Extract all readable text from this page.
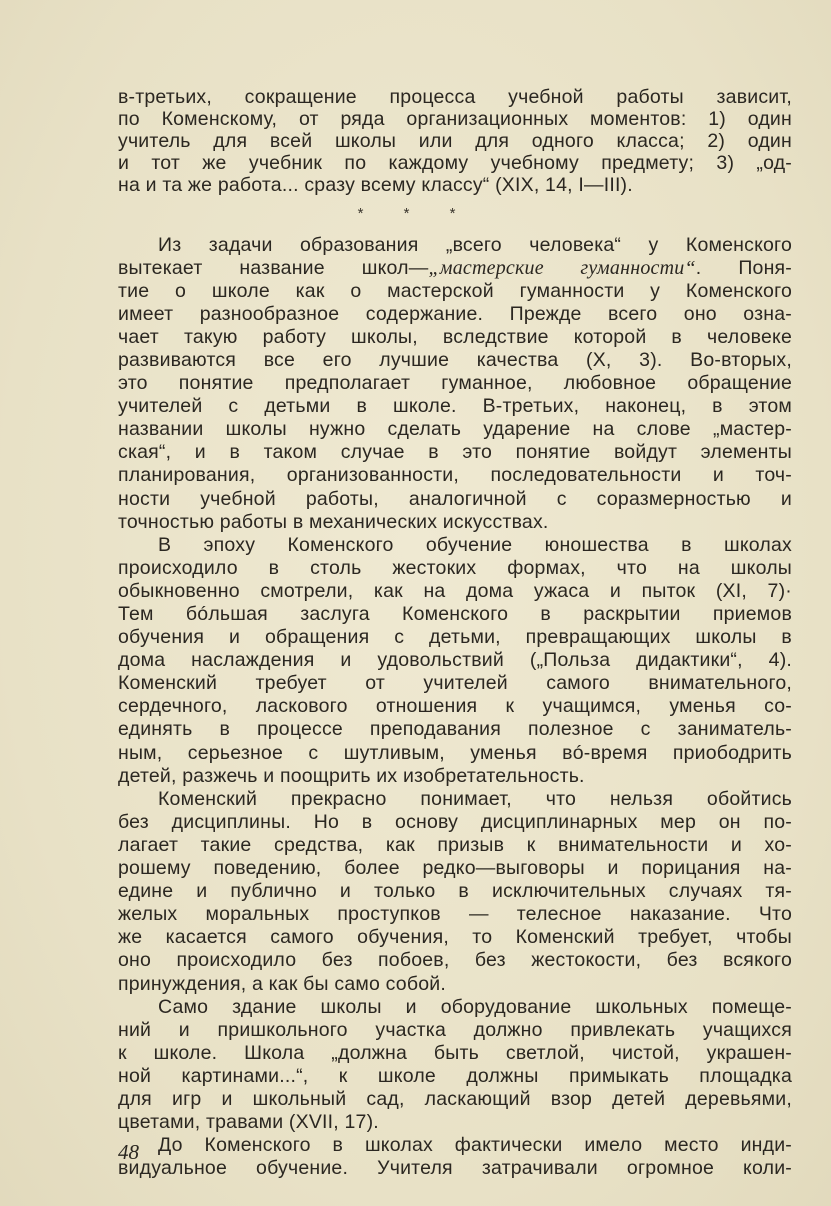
в-третьих, сокращение процесса учебной работы зависит,
по Коменскому, от ряда организационных моментов: 1) один
учитель для всей школы или для одного класса; 2) один
и тот же учебник по каждому учебному предмету; 3) „од-
на и та же работа... сразу всему классу“ (XIX, 14, I—III).
* * *
Из задачи образования „всего человека“ у Коменского
вытекает название школ—„мастерские гуманности“. Поня-
тие о школе как о мастерской гуманности у Коменского
имеет разнообразное содержание. Прежде всего оно озна-
чает такую работу школы, вследствие которой в человеке
развиваются все его лучшие качества (X, 3). Во-вторых,
это понятие предполагает гуманное, любовное обращение
учителей с детьми в школе. В-третьих, наконец, в этом
названии школы нужно сделать ударение на слове „мастер-
ская“, и в таком случае в это понятие войдут элементы
планирования, организованности, последовательности и точ-
ности учебной работы, аналогичной с соразмерностью и
точностью работы в механических искусствах.
В эпоху Коменского обучение юношества в школах
происходило в столь жестоких формах, что на школы
обыкновенно смотрели, как на дома ужаса и пыток (XI, 7)·
Тем бóльшая заслуга Коменского в раскрытии приемов
обучения и обращения с детьми, превращающих школы в
дома наслаждения и удовольствий („Польза дидактики“, 4).
Коменский требует от учителей самого внимательного,
сердечного, ласкового отношения к учащимся, уменья со-
единять в процессе преподавания полезное с заниматель-
ным, серьезное с шутливым, уменья вó-время приободрить
детей, разжечь и поощрить их изобретательность.
Коменский прекрасно понимает, что нельзя обойтись
без дисциплины. Но в основу дисциплинарных мер он по-
лагает такие средства, как призыв к внимательности и хо-
рошему поведению, более редко—выговоры и порицания на-
едине и публично и только в исключительных случаях тя-
желых моральных проступков — телесное наказание. Что
же касается самого обучения, то Коменский требует, чтобы
оно происходило без побоев, без жестокости, без всякого
принуждения, а как бы само собой.
Само здание школы и оборудование школьных помеще-
ний и пришкольного участка должно привлекать учащихся
к школе. Школа „должна быть светлой, чистой, украшен-
ной картинами...“, к школе должны примыкать площадка
для игр и школьный сад, ласкающий взор детей деревьями,
цветами, травами (XVII, 17).
До Коменского в школах фактически имело место инди-
видуальное обучение. Учителя затрачивали огромное коли-
48
